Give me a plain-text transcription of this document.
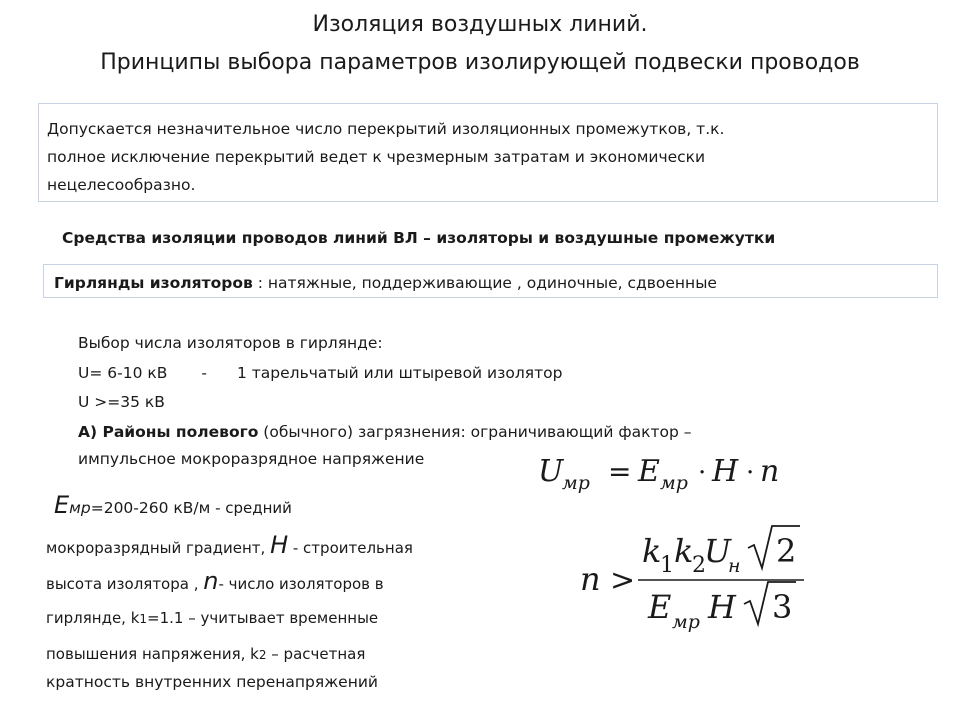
Изоляция воздушных линий.
Принципы выбора параметров изолирующей подвески проводов
Допускается незначительное число перекрытий изоляционных промежутков, т.к.
полное исключение перекрытий ведет к чрезмерным затратам и экономически
нецелесообразно.
Средства изоляции проводов линий ВЛ – изоляторы и воздушные промежутки
Гирлянды изоляторов : натяжные, поддерживающие , одиночные, сдвоенные
Выбор числа изоляторов в гирлянде:
U= 6-10 кВ - 1 тарельчатый или штыревой изолятор
U >=35 кВ
А) Районы полевого (обычного) загрязнения: ограничивающий фактор –
импульсное мокроразрядное напряжение
Eмр=200-260 кВ/м - средний
мокроразрядный градиент, H - строительная
высота изолятора , n- число изоляторов в
гирлянде, k1=1.1 – учитывает временные
повышения напряжения, k2 – расчетная
кратность внутренних перенапряжений
U
мр = E мр · H · n
n >
k
1 k
2
U
н 2
E мр H 3
